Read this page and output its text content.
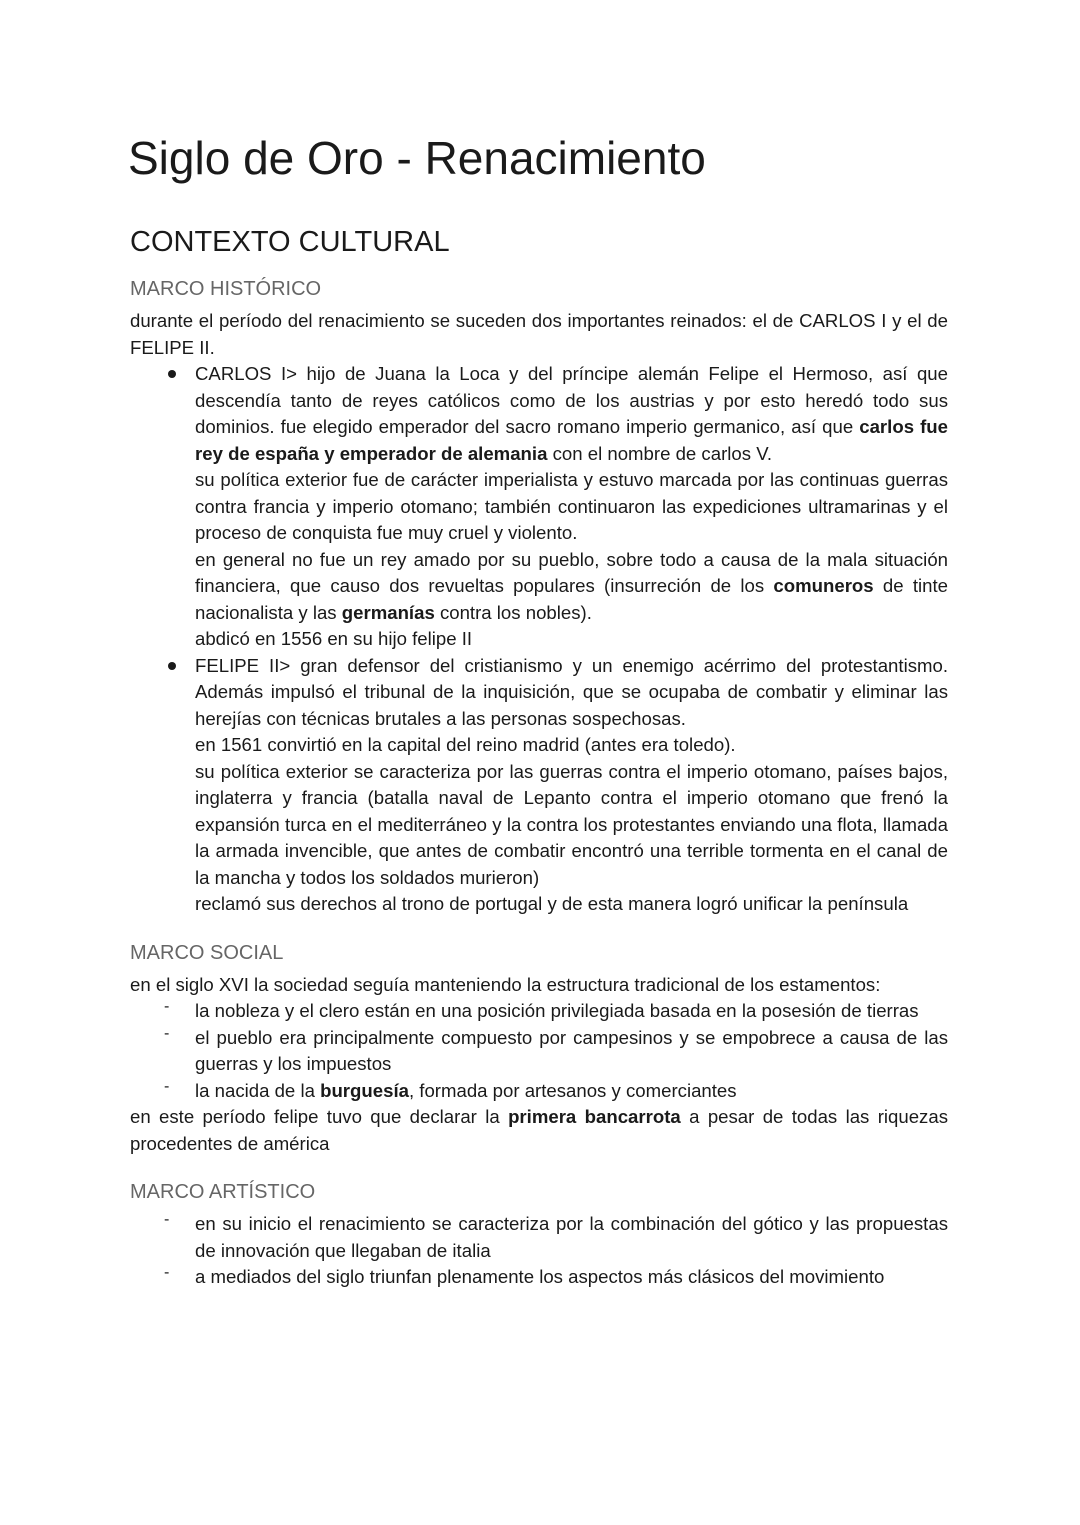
Siglo de Oro - Renacimiento
CONTEXTO CULTURAL
MARCO HISTÓRICO

durante el período del renacimiento se suceden dos importantes reinados: el de CARLOS I y el de FELIPE II.

CARLOS I> hijo de Juana la Loca y del príncipe alemán Felipe el Hermoso, así que descendía tanto de reyes católicos como de los austrias y por esto heredó todo sus dominios. fue elegido emperador del sacro romano imperio germanico, así que carlos fue rey de españa y emperador de alemania con el nombre de carlos V.

su política exterior fue de carácter imperialista y estuvo marcada por las continuas guerras contra francia y imperio otomano; también continuaron las expediciones ultramarinas y el proceso de conquista fue muy cruel y violento.

en general no fue un rey amado por su pueblo, sobre todo a causa de la mala situación financiera, que causo dos revueltas populares (insurreción de los comuneros de tinte nacionalista y las germanías contra los nobles).

abdicó en 1556 en su hijo felipe II

FELIPE II> gran defensor del cristianismo y un enemigo acérrimo del protestantismo. Además impulsó el tribunal de la inquisición, que se ocupaba de combatir y eliminar las herejías con técnicas brutales a las personas sospechosas.

en 1561 convirtió en la capital del reino madrid (antes era toledo).

su política exterior se caracteriza por las guerras contra el imperio otomano, países bajos, inglaterra y francia (batalla naval de Lepanto contra el imperio otomano que frenó la expansión turca en el mediterráneo y la contra los protestantes enviando una flota, llamada la armada invencible, que antes de combatir encontró una terrible tormenta en el canal de la mancha y todos los soldados murieron)

reclamó sus derechos al trono de portugal y de esta manera logró unificar la península

MARCO SOCIAL

en el siglo XVI la sociedad seguía manteniendo la estructura tradicional de los estamentos:

- la nobleza y el clero están en una posición privilegiada basada en la posesión de tierras

- el pueblo era principalmente compuesto por campesinos y se empobrece a causa de las guerras y los impuestos

- la nacida de la burguesía, formada por artesanos y comerciantes

en este período felipe tuvo que declarar la primera bancarrota a pesar de todas las riquezas procedentes de américa

MARCO ARTÍSTICO
- en su inicio el renacimiento se caracteriza por la combinación del gótico y las propuestas de innovación que llegaban de italia

- a mediados del siglo triunfan plenamente los aspectos más clásicos del movimiento
